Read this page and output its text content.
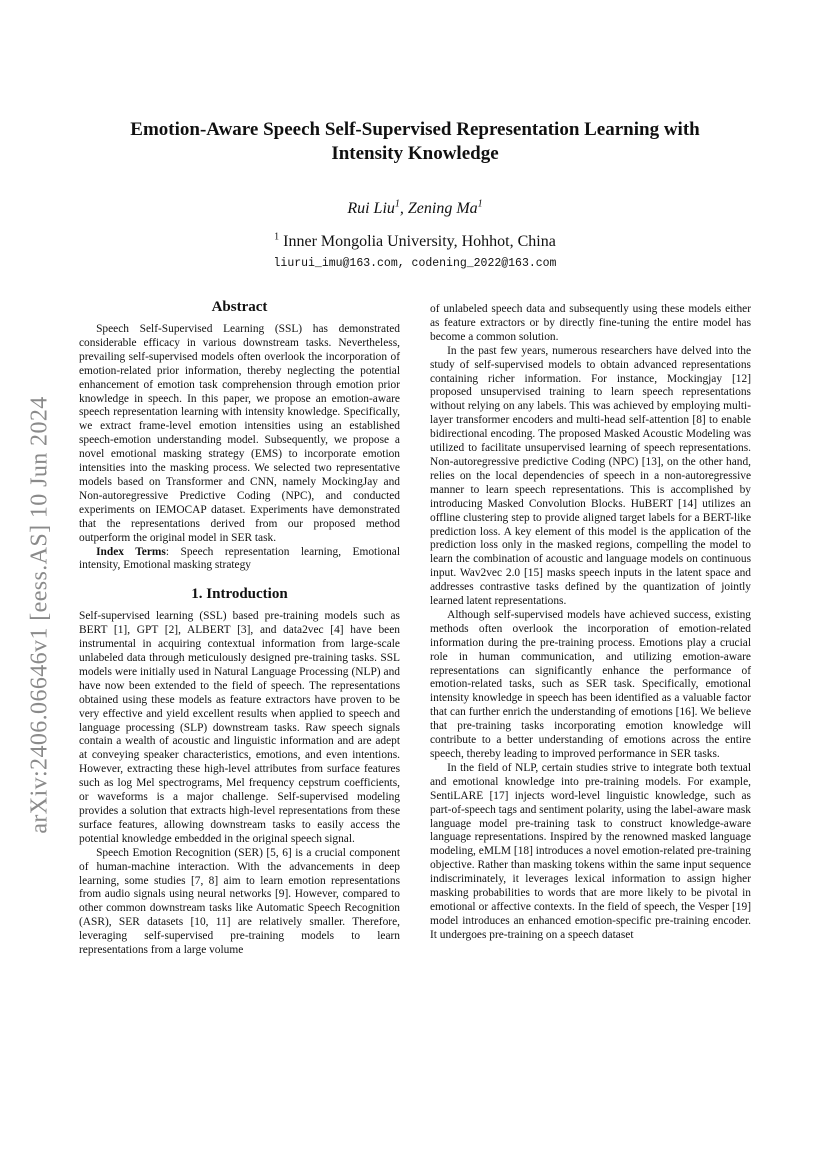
arXiv:2406.06646v1 [eess.AS] 10 Jun 2024
Emotion-Aware Speech Self-Supervised Representation Learning with Intensity Knowledge
Rui Liu$^1$, Zening Ma$^1$
$^1$ Inner Mongolia University, Hohhot, China
liurui_imu@163.com, codening_2022@163.com
Abstract

Speech Self-Supervised Learning (SSL) has demonstrated considerable efficacy in various downstream tasks. Nevertheless, prevailing self-supervised models often overlook the incorporation of emotion-related prior information, thereby neglecting the potential enhancement of emotion task comprehension through emotion prior knowledge in speech. In this paper, we propose an emotion-aware speech representation learning with intensity knowledge. Specifically, we extract frame-level emotion intensities using an established speech-emotion understanding model. Subsequently, we propose a novel emotional masking strategy (EMS) to incorporate emotion intensities into the masking process. We selected two representative models based on Transformer and CNN, namely MockingJay and Non-autoregressive Predictive Coding (NPC), and conducted experiments on IEMOCAP dataset. Experiments have demonstrated that the representations derived from our proposed method outperform the original model in SER task.

Index Terms: Speech representation learning, Emotional intensity, Emotional masking strategy

1. Introduction

Self-supervised learning (SSL) based pre-training models such as BERT [1], GPT [2], ALBERT [3], and data2vec [4] have been instrumental in acquiring contextual information from large-scale unlabeled data through meticulously designed pre-training tasks. SSL models were initially used in Natural Language Processing (NLP) and have now been extended to the field of speech. The representations obtained using these models as feature extractors have proven to be very effective and yield excellent results when applied to speech and language processing (SLP) downstream tasks. Raw speech signals contain a wealth of acoustic and linguistic information and are adept at conveying speaker characteristics, emotions, and even intentions. However, extracting these high-level attributes from surface features such as log Mel spectrograms, Mel frequency cepstrum coefficients, or waveforms is a major challenge. Self-supervised modeling provides a solution that extracts high-level representations from these surface features, allowing downstream tasks to easily access the potential knowledge embedded in the original speech signal.

Speech Emotion Recognition (SER) [5, 6] is a crucial component of human-machine interaction. With the advancements in deep learning, some studies [7, 8] aim to learn emotion representations from audio signals using neural networks [9]. However, compared to other common downstream tasks like Automatic Speech Recognition (ASR), SER datasets [10, 11] are relatively smaller. Therefore, leveraging self-supervised pre-training models to learn representations from a large volume

of unlabeled speech data and subsequently using these models either as feature extractors or by directly fine-tuning the entire model has become a common solution.

In the past few years, numerous researchers have delved into the study of self-supervised models to obtain advanced representations containing richer information. For instance, Mockingjay [12] proposed unsupervised training to learn speech representations without relying on any labels. This was achieved by employing multi-layer transformer encoders and multi-head self-attention [8] to enable bidirectional encoding. The proposed Masked Acoustic Modeling was utilized to facilitate unsupervised learning of speech representations. Non-autoregressive predictive Coding (NPC) [13], on the other hand, relies on the local dependencies of speech in a non-autoregressive manner to learn speech representations. This is accomplished by introducing Masked Convolution Blocks. HuBERT [14] utilizes an offline clustering step to provide aligned target labels for a BERT-like prediction loss. A key element of this model is the application of the prediction loss only in the masked regions, compelling the model to learn the combination of acoustic and language models on continuous input. Wav2vec 2.0 [15] masks speech inputs in the latent space and addresses contrastive tasks defined by the quantization of jointly learned latent representations.

Although self-supervised models have achieved success, existing methods often overlook the incorporation of emotion-related information during the pre-training process. Emotions play a crucial role in human communication, and utilizing emotion-aware representations can significantly enhance the performance of emotion-related tasks, such as SER task. Specifically, emotional intensity knowledge in speech has been identified as a valuable factor that can further enrich the understanding of emotions [16]. We believe that pre-training tasks incorporating emotion knowledge will contribute to a better understanding of emotions across the entire speech, thereby leading to improved performance in SER tasks.

In the field of NLP, certain studies strive to integrate both textual and emotional knowledge into pre-training models. For example, SentiLARE [17] injects word-level linguistic knowledge, such as part-of-speech tags and sentiment polarity, using the label-aware mask language model pre-training task to construct knowledge-aware language representations. Inspired by the renowned masked language modeling, eMLM [18] introduces a novel emotion-related pre-training objective. Rather than masking tokens within the same input sequence indiscriminately, it leverages lexical information to assign higher masking probabilities to words that are more likely to be pivotal in emotional or affective contexts. In the field of speech, the Vesper [19] model introduces an enhanced emotion-specific pre-training encoder. It undergoes pre-training on a speech dataset
